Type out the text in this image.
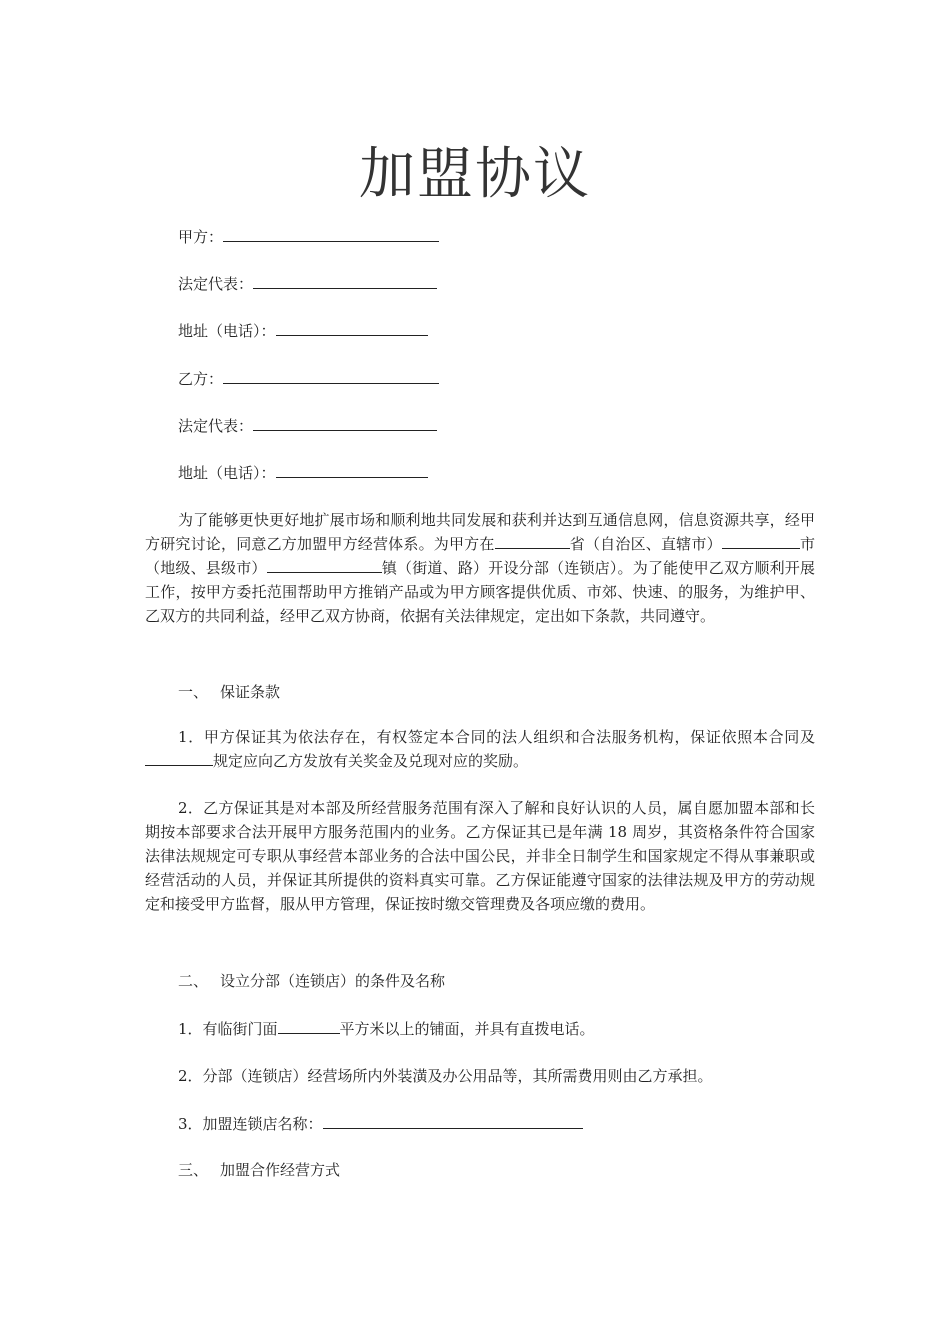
加盟协议
甲方：
法定代表：
地址（电话）：
乙方：
法定代表：
地址（电话）：

为了能够更快更好地扩展市场和顺利地共同发展和获利并达到互通信息网，信息资源共享，经甲方研究讨论，同意乙方加盟甲方经营体系。为甲方在	省（自治区、直辖市）	市（地级、县级市）	镇（街道、路）开设分部（连锁店）。为了能使甲乙双方顺利开展工作，按甲方委托范围帮助甲方推销产品或为甲方顾客提供优质、市郊、快速、的服务，为维护甲、乙双方的共同利益，经甲乙双方协商，依据有关法律规定，定出如下条款，共同遵守。

一、 保证条款

1．甲方保证其为依法存在，有权签定本合同的法人组织和合法服务机构，保证依照本合同及规定应向乙方发放有关奖金及兑现对应的奖励。

2．乙方保证其是对本部及所经营服务范围有深入了解和良好认识的人员，属自愿加盟本部和长期按本部要求合法开展甲方服务范围内的业务。乙方保证其已是年满 18 周岁，其资格条件符合国家法律法规规定可专职从事经营本部业务的合法中国公民，并非全日制学生和国家规定不得从事兼职或经营活动的人员，并保证其所提供的资料真实可靠。乙方保证能遵守国家的法律法规及甲方的劳动规定和接受甲方监督，服从甲方管理，保证按时缴交管理费及各项应缴的费用。

二、 设立分部（连锁店）的条件及名称
1．有临街门面	平方米以上的铺面，并具有直拨电话。
2．分部（连锁店）经营场所内外装潢及办公用品等，其所需费用则由乙方承担。
3．加盟连锁店名称：
三、 加盟合作经营方式
